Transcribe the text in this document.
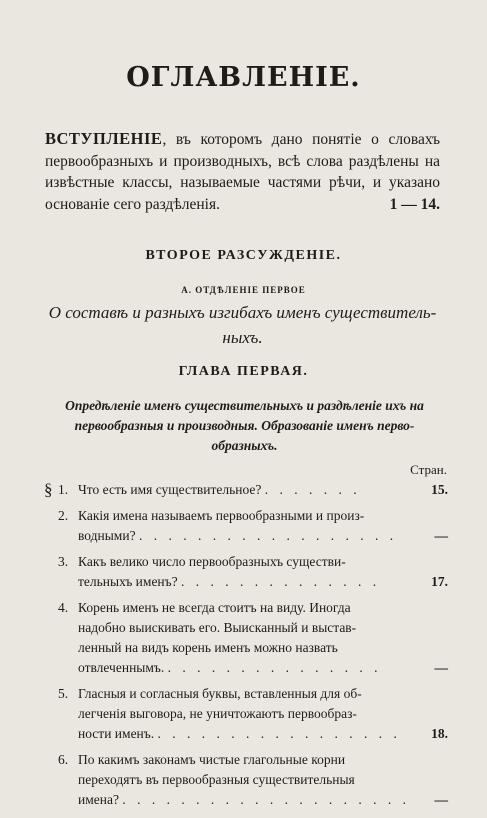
ОГЛАВЛЕНІЕ.
ВСТУПЛЕНІЕ, въ которомъ дано понятіе о словахъ первообразныхъ и производныхъ, всѣ слова раздѣлены на извѣстные классы, называемые частями рѣчи, и указано основаніе сего раздѣленія.	1 — 14.
ВТОРОЕ РАЗСУЖДЕНІЕ.
А. ОТДѢЛЕНІЕ ПЕРВОЕ
О составѣ и разныхъ изгибахъ именъ существитель-
ныхъ.
ГЛАВА ПЕРВАЯ.
Опредѣленіе именъ существительныхъ и раздѣленіе ихъ на
первообразныя и производныя. Образованіе именъ перво-
образныхъ.
Стран.
§ 1. Что есть имя существительное? . . . . . . .	15.
2. Какія имена называемъ первообразными и произ-
водными? . . . . . . . . . . . . . . . . . .	—
3. Какъ велико число первообразныхъ существи-
тельныхъ именъ? . . . . . . . . . . . . . .	17.
4. Корень именъ не всегда стоитъ на виду. Иногда
надобно выискивать его. Выисканный и выстав-
ленный на видъ корень именъ можно назвать
отвлеченнымъ. . . . . . . . . . . . . . . .	—
5. Гласныя и согласныя буквы, вставленныя для об-
легченія выговора, не уничтожаютъ первообраз-
ности именъ. . . . . . . . . . . . . . . . . . 18.
6. По какимъ законамъ чистые глагольные корни
переходятъ въ первообразныя существительныя
имена? . . . . . . . . . . . . . . . . . . . . —
